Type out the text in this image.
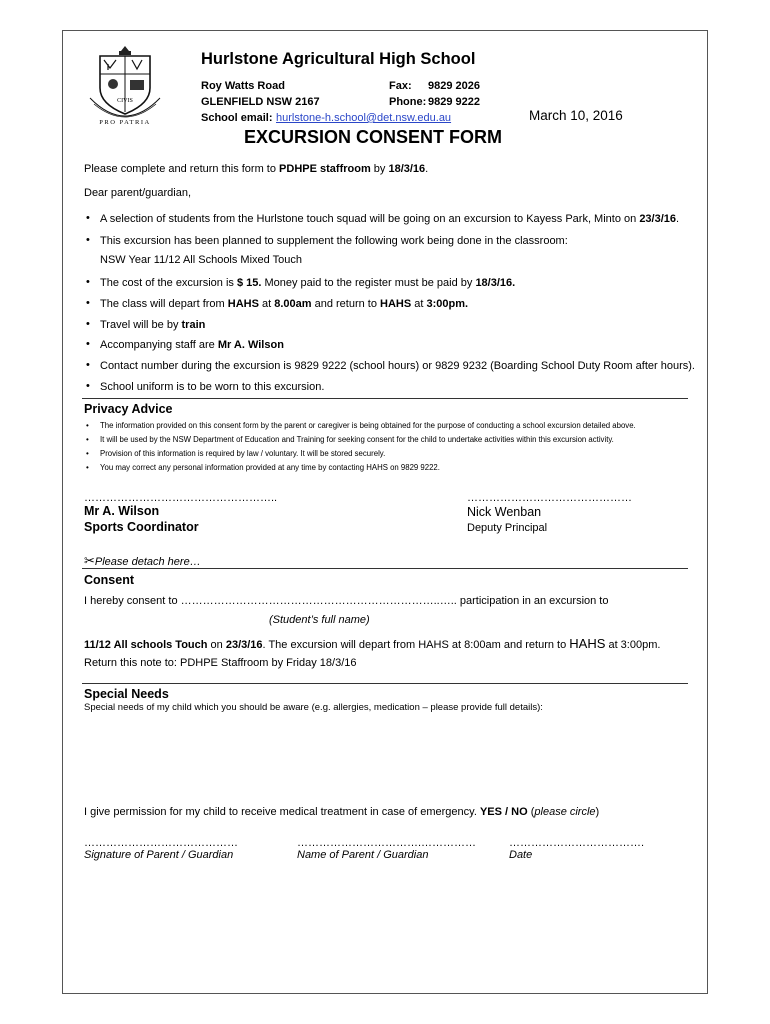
CIVIS
PRO PATRIA
Hurlstone Agricultural High School
Roy Watts Road
GLENFIELD NSW 2167
School email: hurlstone-h.school@det.nsw.edu.au
Fax: 9829 2026
Phone: 9829 9222
March 10, 2016
EXCURSION CONSENT FORM
Please complete and return this form to PDHPE staffroom by 18/3/16.
Dear parent/guardian,
• A selection of students from the Hurlstone touch squad will be going on an excursion to Kayess Park, Minto on 23/3/16.
• This excursion has been planned to supplement the following work being done in the classroom:
NSW Year 11/12 All Schools Mixed Touch
• The cost of the excursion is $ 15. Money paid to the register must be paid by 18/3/16.
• The class will depart from HAHS at 8.00am and return to HAHS at 3:00pm.
• Travel will be by train
• Accompanying staff are Mr A. Wilson
• Contact number during the excursion is 9829 9222 (school hours) or 9829 9232 (Boarding School Duty Room after hours).
• School uniform is to be worn to this excursion.
Privacy Advice
• The information provided on this consent form by the parent or caregiver is being obtained for the purpose of conducting a school excursion detailed above.
• It will be used by the NSW Department of Education and Training for seeking consent for the child to undertake activities within this excursion activity.
• Provision of this information is required by law / voluntary. It will be stored securely.
• You may correct any personal information provided at any time by contacting HAHS on 9829 9222.
……………………………………………..
Mr A. Wilson
Sports Coordinator
………………………………………
Nick Wenban
Deputy Principal
✂Please detach here…
Consent
I hereby consent to ……………………………………………………………..….. participation in an excursion to
(Student’s full name)
11/12 All schools Touch on 23/3/16. The excursion will depart from HAHS at 8:00am and return to HAHS at 3:00pm.
Return this note to: PDHPE Staffroom by Friday 18/3/16
Special Needs
Special needs of my child which you should be aware (e.g. allergies, medication – please provide full details):
I give permission for my child to receive medical treatment in case of emergency. YES / NO (please circle)
……………………………………
Signature of Parent / Guardian
…………………………….……………
Name of Parent / Guardian
……………………………….
Date
